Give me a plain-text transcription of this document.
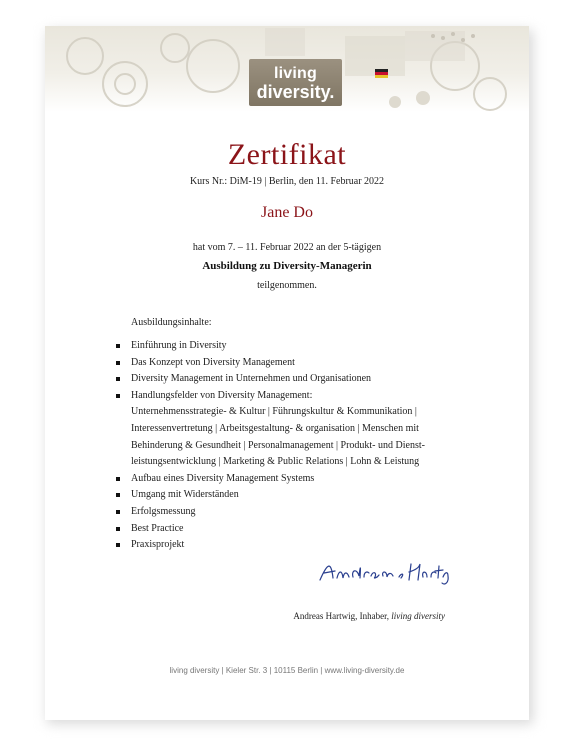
living
diversity.
Zertifikat
Kurs Nr.: DiM-19 | Berlin, den 11. Februar 2022
Jane Do
hat vom 7. – 11. Februar 2022 an der 5-tägigen
Ausbildung zu Diversity-Managerin
teilgenommen.
Ausbildungsinhalte:
Einführung in Diversity
Das Konzept von Diversity Management
Diversity Management in Unternehmen und Organisationen
Handlungsfelder von Diversity Management:
Unternehmensstrategie- & Kultur | Führungskultur & Kommunikation |
Interessenvertretung | Arbeitsgestaltung- & organisation | Menschen mit
Behinderung & Gesundheit | Personalmanagement | Produkt- und Dienst-
leistungsentwicklung | Marketing & Public Relations | Lohn & Leistung
Aufbau eines Diversity Management Systems
Umgang mit Widerständen
Erfolgsmessung
Best Practice
Praxisprojekt
Andreas Hartwig, Inhaber, living diversity
living diversity | Kieler Str. 3 | 10115 Berlin | www.living-diversity.de
